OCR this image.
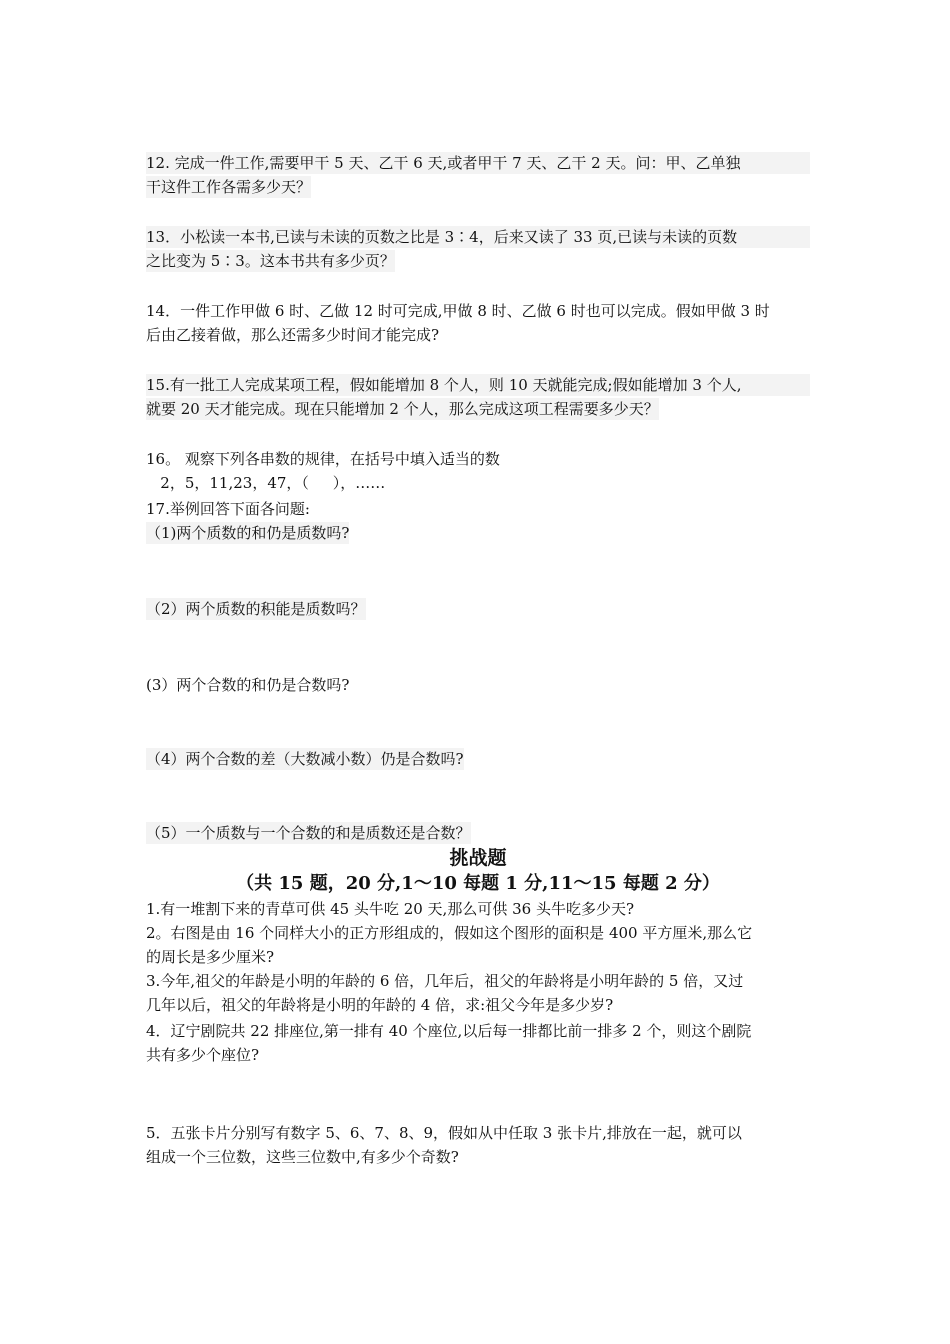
12. 完成一件工作,需要甲干 5 天、乙干 6 天,或者甲干 7 天、乙干 2 天。问：甲、乙单独
干这件工作各需多少天？
13．小松读一本书,已读与未读的页数之比是 3∶4，后来又读了 33 页,已读与未读的页数
之比变为 5∶3。这本书共有多少页？
14．一件工作甲做 6 时、乙做 12 时可完成,甲做 8 时、乙做 6 时也可以完成。假如甲做 3 时
后由乙接着做，那么还需多少时间才能完成?
15.有一批工人完成某项工程，假如能增加 8 个人，则 10 天就能完成;假如能增加 3 个人,
就要 20 天才能完成。现在只能增加 2 个人，那么完成这项工程需要多少天？
16。 观察下列各串数的规律，在括号中填入适当的数
2，5，11,23，47，（     ），……
17.举例回答下面各问题:
（1)两个质数的和仍是质数吗?
（2）两个质数的积能是质数吗？
(3）两个合数的和仍是合数吗?
（4）两个合数的差（大数减小数）仍是合数吗?
（5）一个质数与一个合数的和是质数还是合数？
挑战题
（共 15 题，20 分,1～10 每题 1 分,11～15 每题 2 分）
1.有一堆割下来的青草可供 45 头牛吃 20 天,那么可供 36 头牛吃多少天?
2。右图是由 16 个同样大小的正方形组成的，假如这个图形的面积是 400 平方厘米,那么它
的周长是多少厘米?
3.今年,祖父的年龄是小明的年龄的 6 倍，几年后，祖父的年龄将是小明年龄的 5 倍，又过
几年以后，祖父的年龄将是小明的年龄的 4 倍，求:祖父今年是多少岁?
4．辽宁剧院共 22 排座位,第一排有 40 个座位,以后每一排都比前一排多 2 个，则这个剧院
共有多少个座位?
5．五张卡片分别写有数字 5、6、7、8、9，假如从中任取 3 张卡片,排放在一起，就可以
组成一个三位数，这些三位数中,有多少个奇数?
